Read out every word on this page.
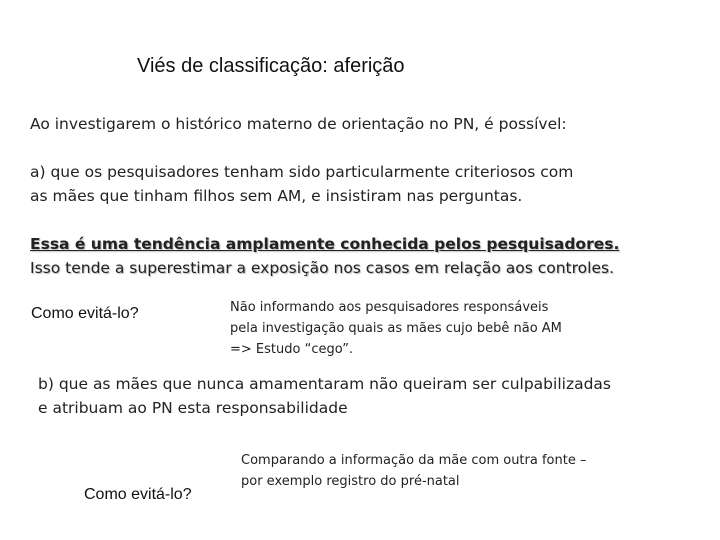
Viés de classificação: aferição
Ao investigarem o histórico materno de orientação no PN, é possível:
a) que os pesquisadores tenham sido particularmente criteriosos com
as mães que tinham filhos sem AM, e insistiram nas perguntas.
Essa é uma tendência amplamente conhecida pelos pesquisadores.
Isso tende a superestimar a exposição nos casos em relação aos controles.
Como evitá-lo?	Não informando aos pesquisadores responsáveis
pela investigação quais as mães cujo bebê não AM
=> Estudo “cego”.
b) que as mães que nunca amamentaram não queiram ser culpabilizadas
e atribuam ao PN esta responsabilidade
Como evitá-lo?
Comparando a informação da mãe com outra fonte –
por exemplo registro do pré-natal
